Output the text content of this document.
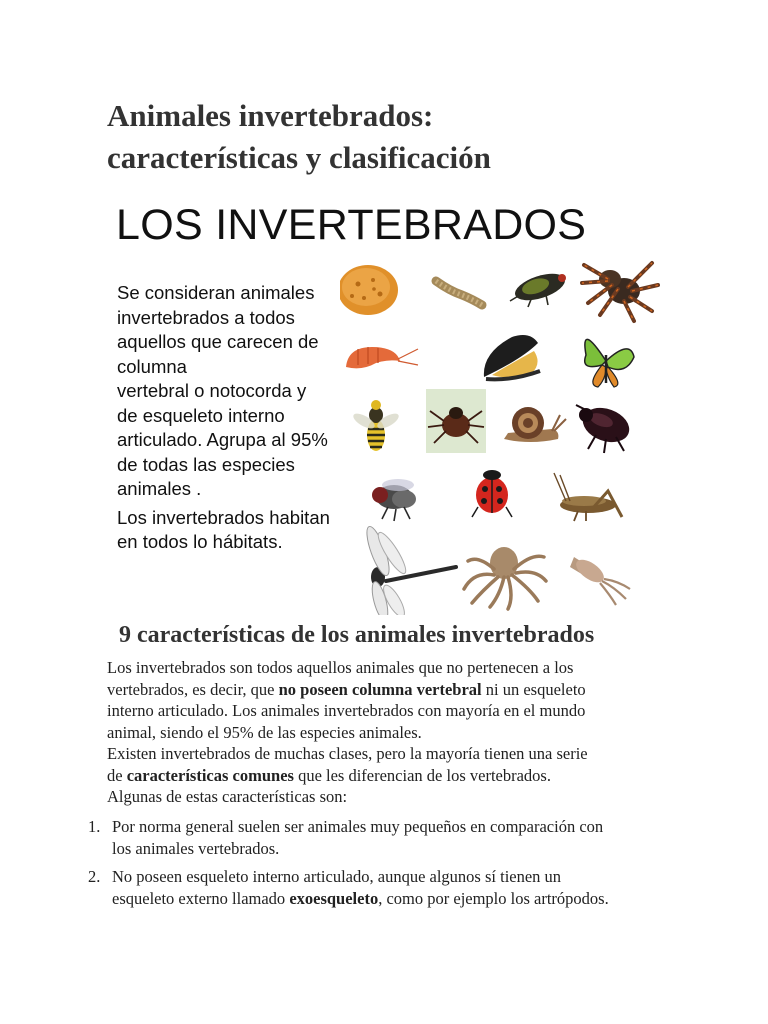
Animales invertebrados:
características y clasificación
LOS INVERTEBRADOS
Se consideran animales
invertebrados a todos
aquellos que carecen de
columna
vertebral o notocorda y
de esqueleto interno
articulado. Agrupa al 95%
de todas las especies
animales .
Los invertebrados habitan
en todos lo hábitats.
9 características de los animales invertebrados
Los invertebrados son todos aquellos animales que no pertenecen a los
vertebrados, es decir, que no poseen columna vertebral ni un esqueleto
interno articulado. Los animales invertebrados con mayoría en el mundo
animal, siendo el 95% de las especies animales.
Existen invertebrados de muchas clases, pero la mayoría tienen una serie
de características comunes que les diferencian de los vertebrados.
Algunas de estas características son:
1. Por norma general suelen ser animales muy pequeños en comparación con
los animales vertebrados.
2. No poseen esqueleto interno articulado, aunque algunos sí tienen un
esqueleto externo llamado exoesqueleto, como por ejemplo los artrópodos.
